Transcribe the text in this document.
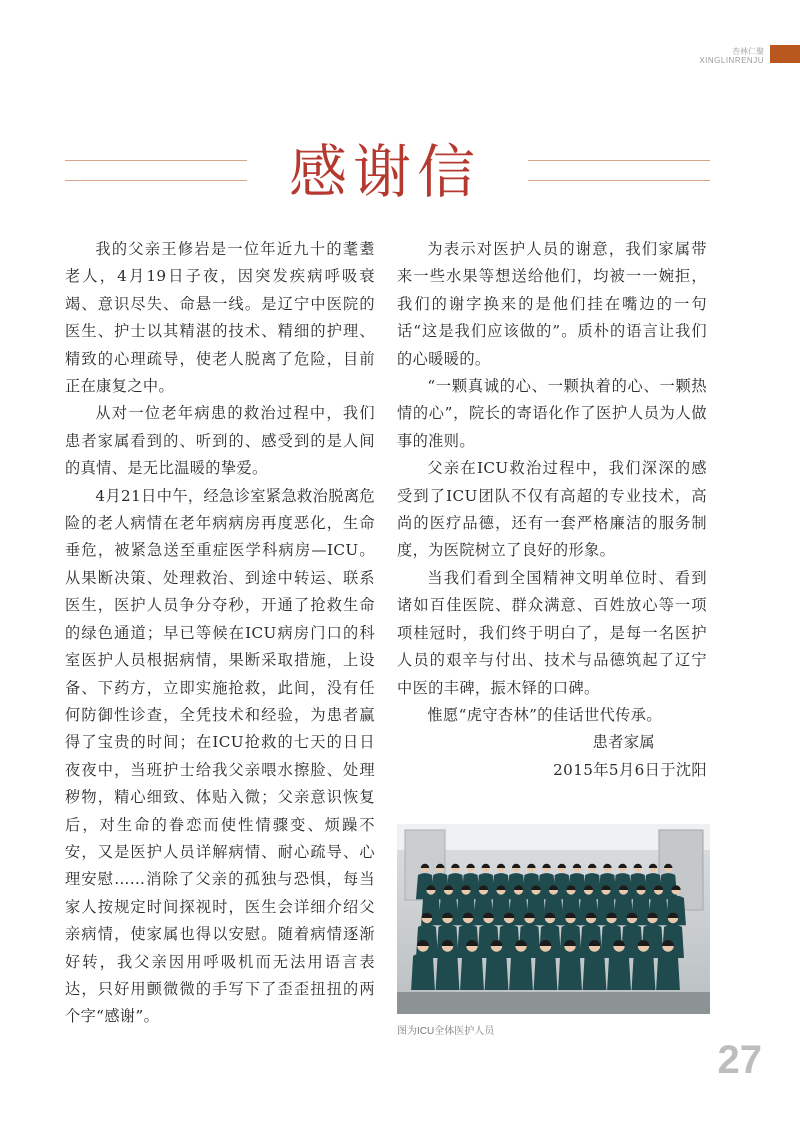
杏林仁聚
XINGLINRENJU
感谢信

我的父亲王修岩是一位年近九十的耄耋老人，4月19日子夜，因突发疾病呼吸衰竭、意识尽失、命悬一线。是辽宁中医院的医生、护士以其精湛的技术、精细的护理、精致的心理疏导，使老人脱离了危险，目前正在康复之中。

从对一位老年病患的救治过程中，我们患者家属看到的、听到的、感受到的是人间的真情、是无比温暖的挚爱。

4月21日中午，经急诊室紧急救治脱离危险的老人病情在老年病病房再度恶化，生命垂危，被紧急送至重症医学科病房—ICU。从果断决策、处理救治、到途中转运、联系医生，医护人员争分夺秒，开通了抢救生命的绿色通道；早已等候在ICU病房门口的科室医护人员根据病情，果断采取措施，上设备、下药方，立即实施抢救，此间，没有任何防御性诊查，全凭技术和经验，为患者赢得了宝贵的时间；在ICU抢救的七天的日日夜夜中，当班护士给我父亲喂水擦脸、处理秽物，精心细致、体贴入微；父亲意识恢复后，对生命的眷恋而使性情骤变、烦躁不安，又是医护人员详解病情、耐心疏导、心理安慰……消除了父亲的孤独与恐惧，每当家人按规定时间探视时，医生会详细介绍父亲病情，使家属也得以安慰。随着病情逐渐好转，我父亲因用呼吸机而无法用语言表达，只好用颤微微的手写下了歪歪扭扭的两个字“感谢”。

为表示对医护人员的谢意，我们家属带来一些水果等想送给他们，均被一一婉拒，我们的谢字换来的是他们挂在嘴边的一句话“这是我们应该做的”。质朴的语言让我们的心暖暖的。

“一颗真诚的心、一颗执着的心、一颗热情的心”，院长的寄语化作了医护人员为人做事的准则。

父亲在ICU救治过程中，我们深深的感受到了ICU团队不仅有高超的专业技术，高尚的医疗品德，还有一套严格廉洁的服务制度，为医院树立了良好的形象。

当我们看到全国精神文明单位时、看到诸如百佳医院、群众满意、百姓放心等一项项桂冠时，我们终于明白了，是每一名医护人员的艰辛与付出、技术与品德筑起了辽宁中医的丰碑，振木铎的口碑。

惟愿“虎守杏林”的佳话世代传承。

患者家属

2015年5月6日于沈阳

图为ICU全体医护人员
27
